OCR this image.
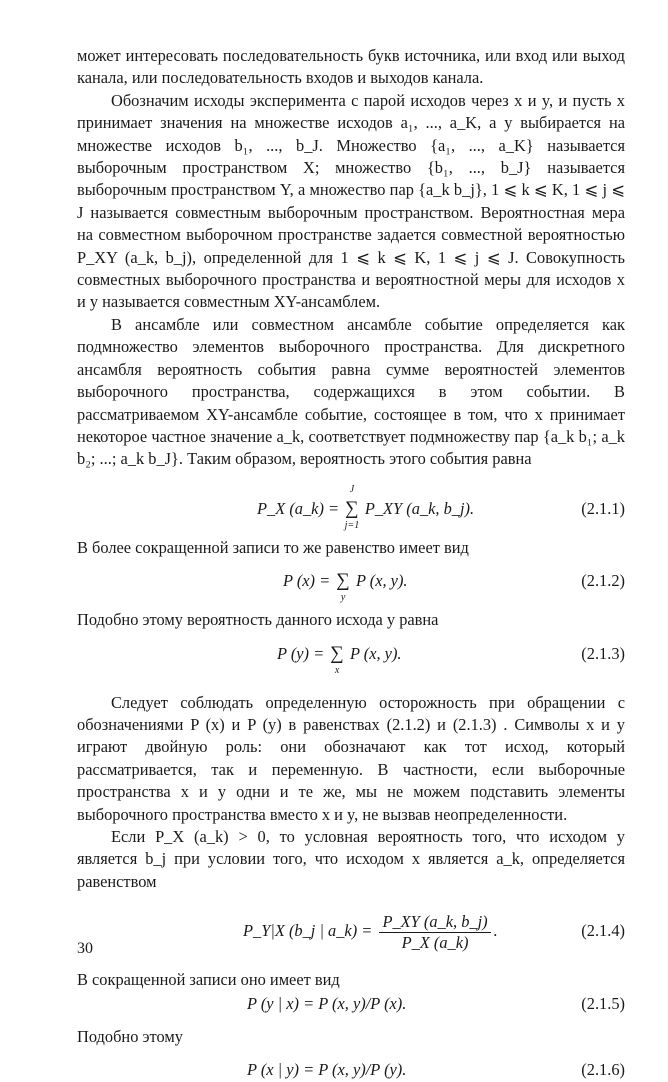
может интересовать последовательность букв источника, или вход или выход канала, или последовательность входов и выходов канала.

Обозначим исходы эксперимента с парой исходов через x и y, и пусть x принимает значения на множестве исходов a₁, ..., a_K, а y выбирается на множестве исходов b₁, ..., b_J. Множество {a₁, ..., a_K} называется выборочным пространством X; множество {b₁, ..., b_J} называется выборочным пространством Y, а множество пар {a_k b_j}, 1 ⩽ k ⩽ K, 1 ⩽ j ⩽ J называется совместным выборочным пространством. Вероятностная мера на совместном выборочном пространстве задается совместной вероятностью P_XY (a_k, b_j), определенной для 1 ⩽ k ⩽ K, 1 ⩽ j ⩽ J. Совокупность совместных выборочного пространства и вероятностной меры для исходов x и y называется совместным XY-ансамблем.

В ансамбле или совместном ансамбле событие определяется как подмножество элементов выборочного пространства. Для дискретного ансамбля вероятность события равна сумме вероятностей элементов выборочного пространства, содержащихся в этом событии. В рассматриваемом XY-ансамбле событие, состоящее в том, что x принимает некоторое частное значение a_k, соответствует подмножеству пар {a_k b₁; a_k b₂; ...; a_k b_J}. Таким образом, вероятность этого события равна

P_X (a_k) = ∑
J
j=1
P_XY (a_k, b_j).	(2.1.1)

В более сокращенной записи то же равенство имеет вид

P (x) = ∑
y
P (x, y).	(2.1.2)

Подобно этому вероятность данного исхода y равна

P (y) = ∑
x
P (x, y).	(2.1.3)

Следует соблюдать определенную осторожность при обращении с обозначениями P (x) и P (y) в равенствах (2.1.2) и (2.1.3) . Символы x и y играют двойную роль: они обозначают как тот исход, который рассматривается, так и переменную. В частности, если выборочные пространства x и y одни и те же, мы не можем подставить элементы выборочного пространства вместо x и y, не вызвав неопределенности.

Если P_X (a_k) > 0, то условная вероятность того, что исходом y является b_j при условии того, что исходом x является a_k, определяется равенством

P_Y|X (b_j | a_k) = $\frac{P\_XY (a\_k, b\_j)}{P\_X (a\_k)}$ .	(2.1.4)

В сокращенной записи оно имеет вид

P (y | x) = P (x, y)/P (x).	(2.1.5)

Подобно этому

P (x | y) = P (x, y)/P (y).	(2.1.6)
30
